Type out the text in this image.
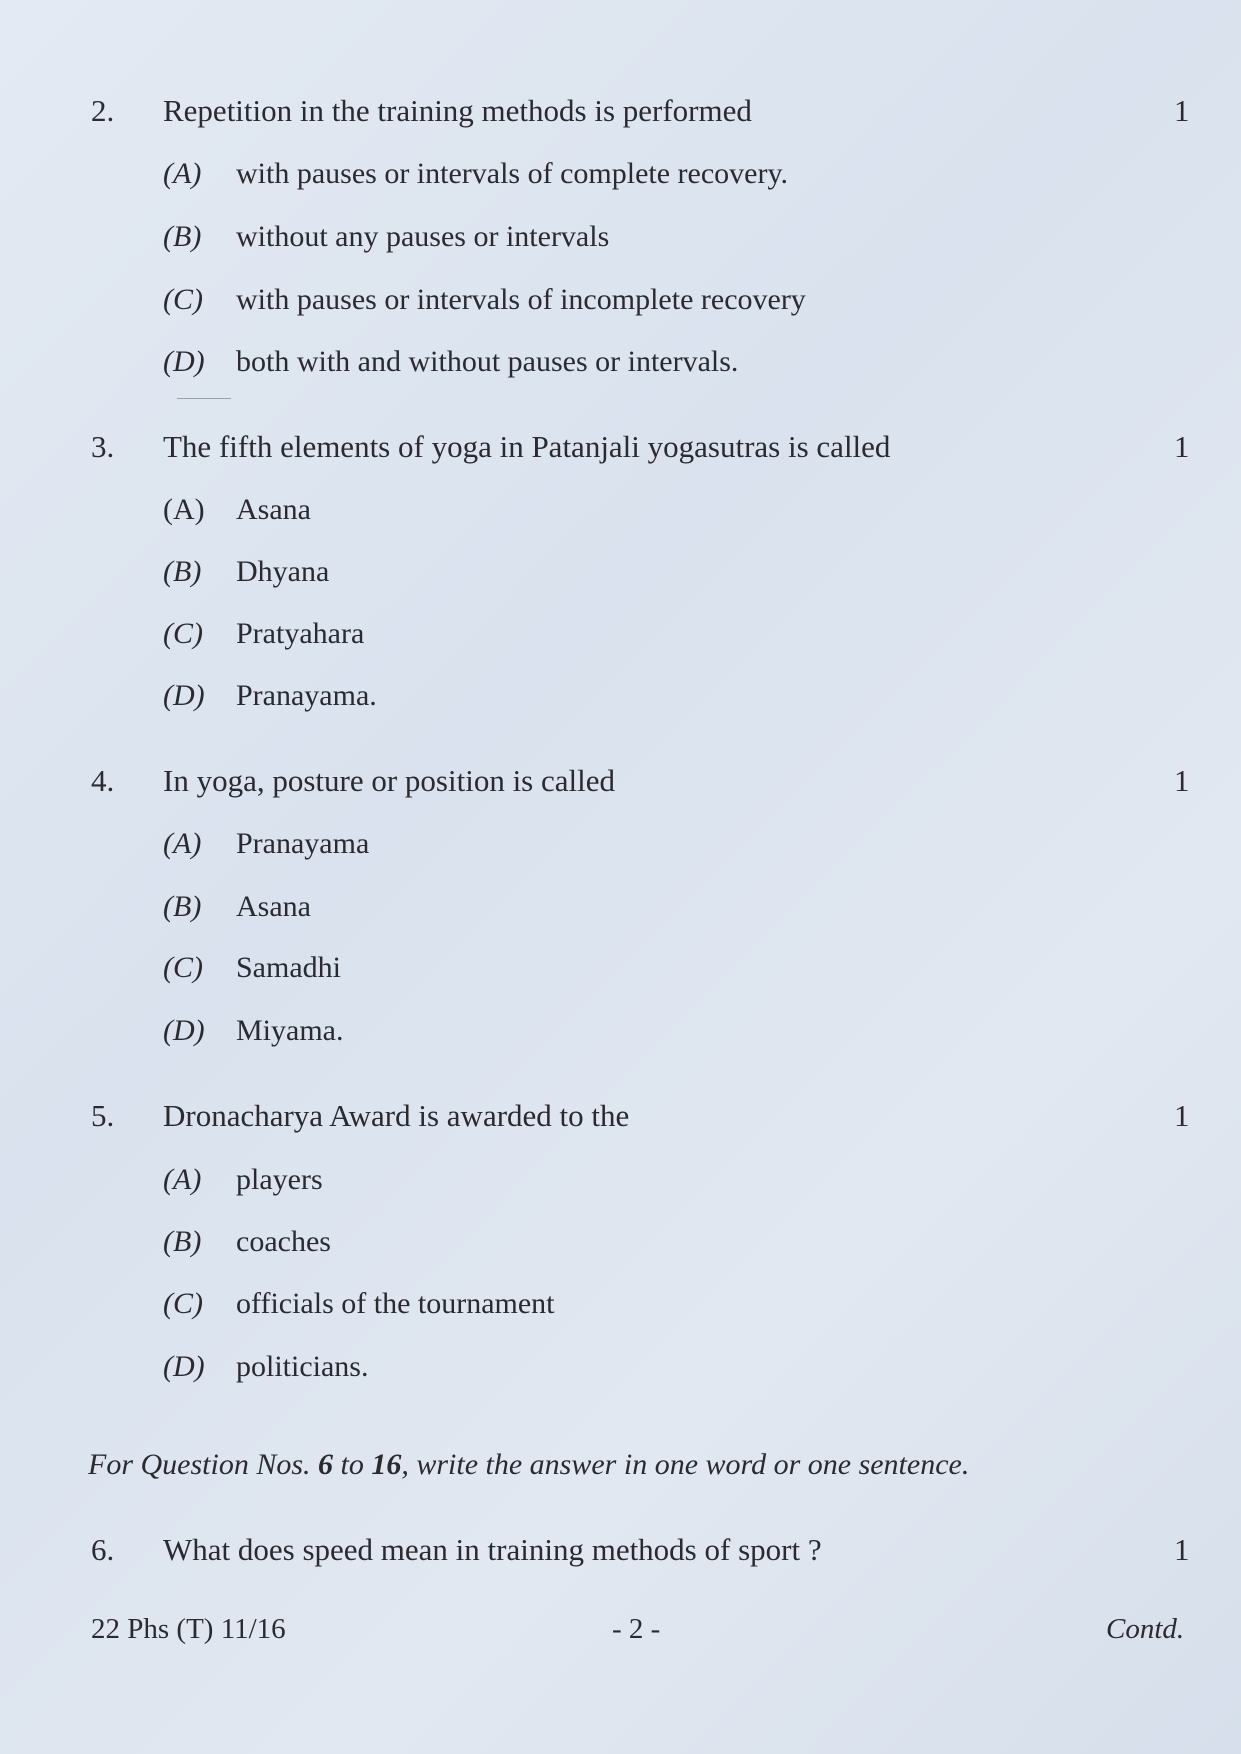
2. Repetition in the training methods is performed	1
(A) with pauses or intervals of complete recovery.
(B) without any pauses or intervals
(C) with pauses or intervals of incomplete recovery
(D) both with and without pauses or intervals.
3. The fifth elements of yoga in Patanjali yogasutras is called	1
(A) Asana
(B) Dhyana
(C) Pratyahara
(D) Pranayama.
4. In yoga, posture or position is called	1
(A) Pranayama
(B) Asana
(C) Samadhi
(D) Miyama.
5. Dronacharya Award is awarded to the	1
(A) players
(B) coaches
(C) officials of the tournament
(D) politicians.
For Question Nos. 6 to 16, write the answer in one word or one sentence.
6. What does speed mean in training methods of sport ?	1
22 Phs (T) 11/16	- 2 -	Contd.
